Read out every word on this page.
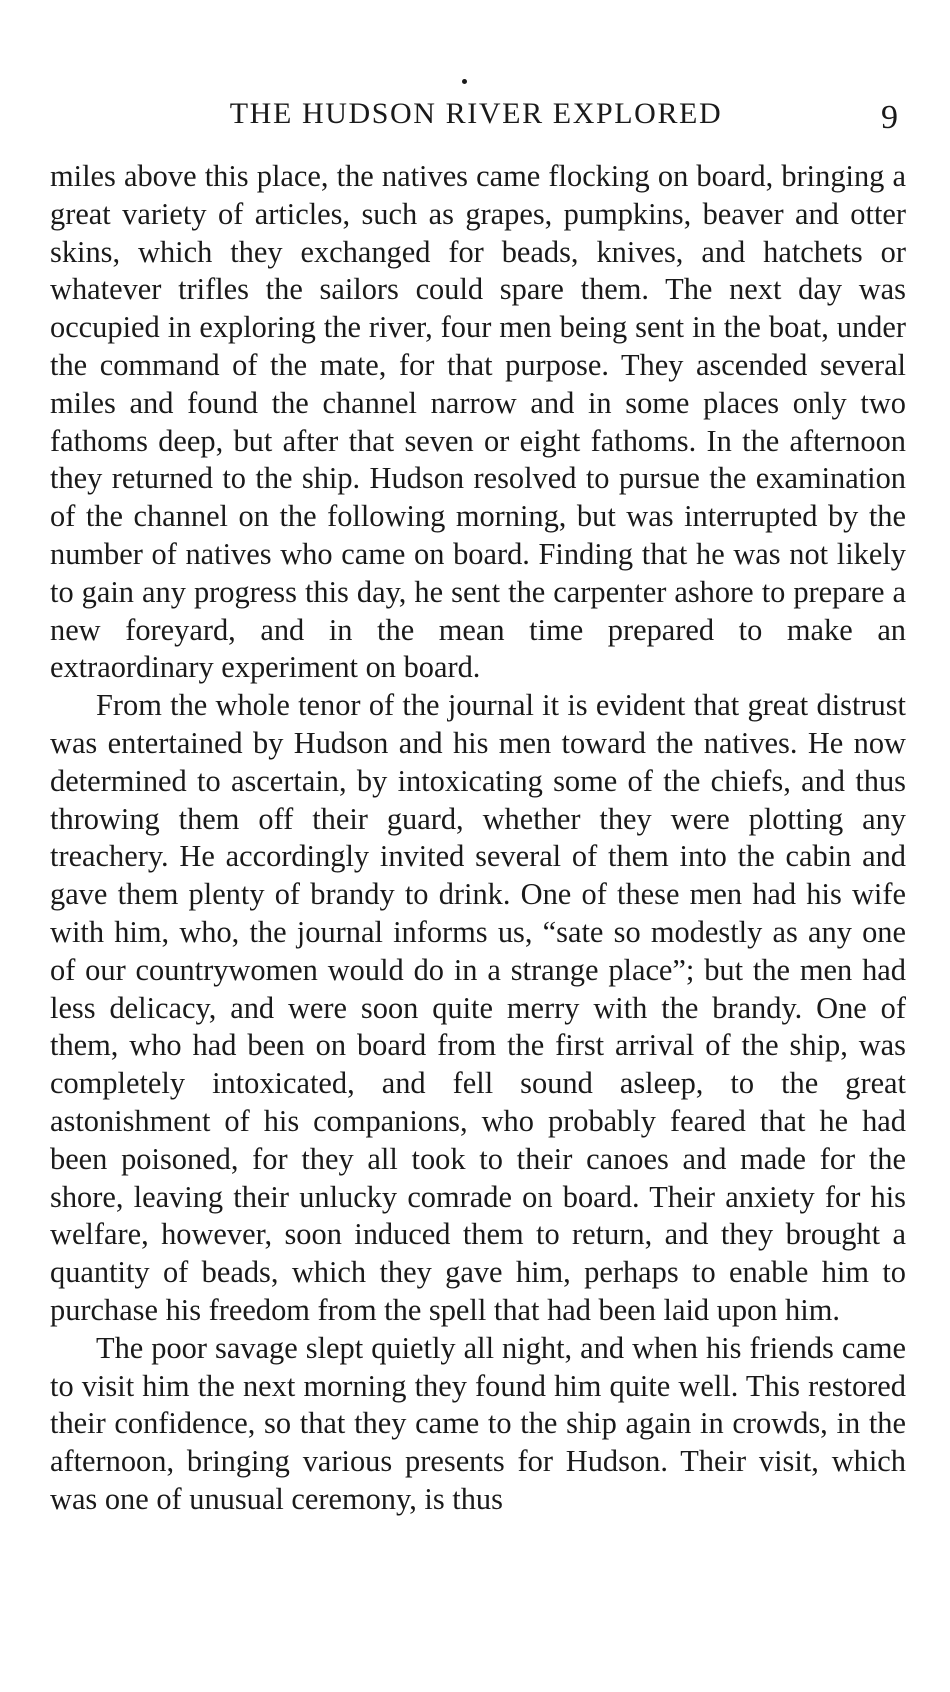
THE HUDSON RIVER EXPLORED	9

miles above this place, the natives came flocking on board, bringing a great variety of articles, such as grapes, pumpkins, beaver and otter skins, which they exchanged for beads, knives, and hatchets or whatever trifles the sailors could spare them. The next day was occupied in exploring the river, four men being sent in the boat, under the command of the mate, for that purpose. They ascended several miles and found the channel narrow and in some places only two fathoms deep, but after that seven or eight fathoms. In the afternoon they returned to the ship. Hudson resolved to pursue the examination of the channel on the following morning, but was interrupted by the number of natives who came on board. Finding that he was not likely to gain any progress this day, he sent the carpenter ashore to prepare a new foreyard, and in the mean time prepared to make an extraordinary experiment on board.

From the whole tenor of the journal it is evident that great distrust was entertained by Hudson and his men toward the natives. He now determined to ascertain, by intoxicating some of the chiefs, and thus throwing them off their guard, whether they were plotting any treachery. He accordingly invited several of them into the cabin and gave them plenty of brandy to drink. One of these men had his wife with him, who, the journal informs us, “sate so modestly as any one of our countrywomen would do in a strange place”; but the men had less delicacy, and were soon quite merry with the brandy. One of them, who had been on board from the first arrival of the ship, was completely intoxicated, and fell sound asleep, to the great astonishment of his companions, who probably feared that he had been poisoned, for they all took to their canoes and made for the shore, leaving their unlucky comrade on board. Their anxiety for his welfare, however, soon induced them to return, and they brought a quantity of beads, which they gave him, perhaps to enable him to purchase his freedom from the spell that had been laid upon him.

The poor savage slept quietly all night, and when his friends came to visit him the next morning they found him quite well. This restored their confidence, so that they came to the ship again in crowds, in the afternoon, bringing various presents for Hudson. Their visit, which was one of unusual ceremony, is thus
